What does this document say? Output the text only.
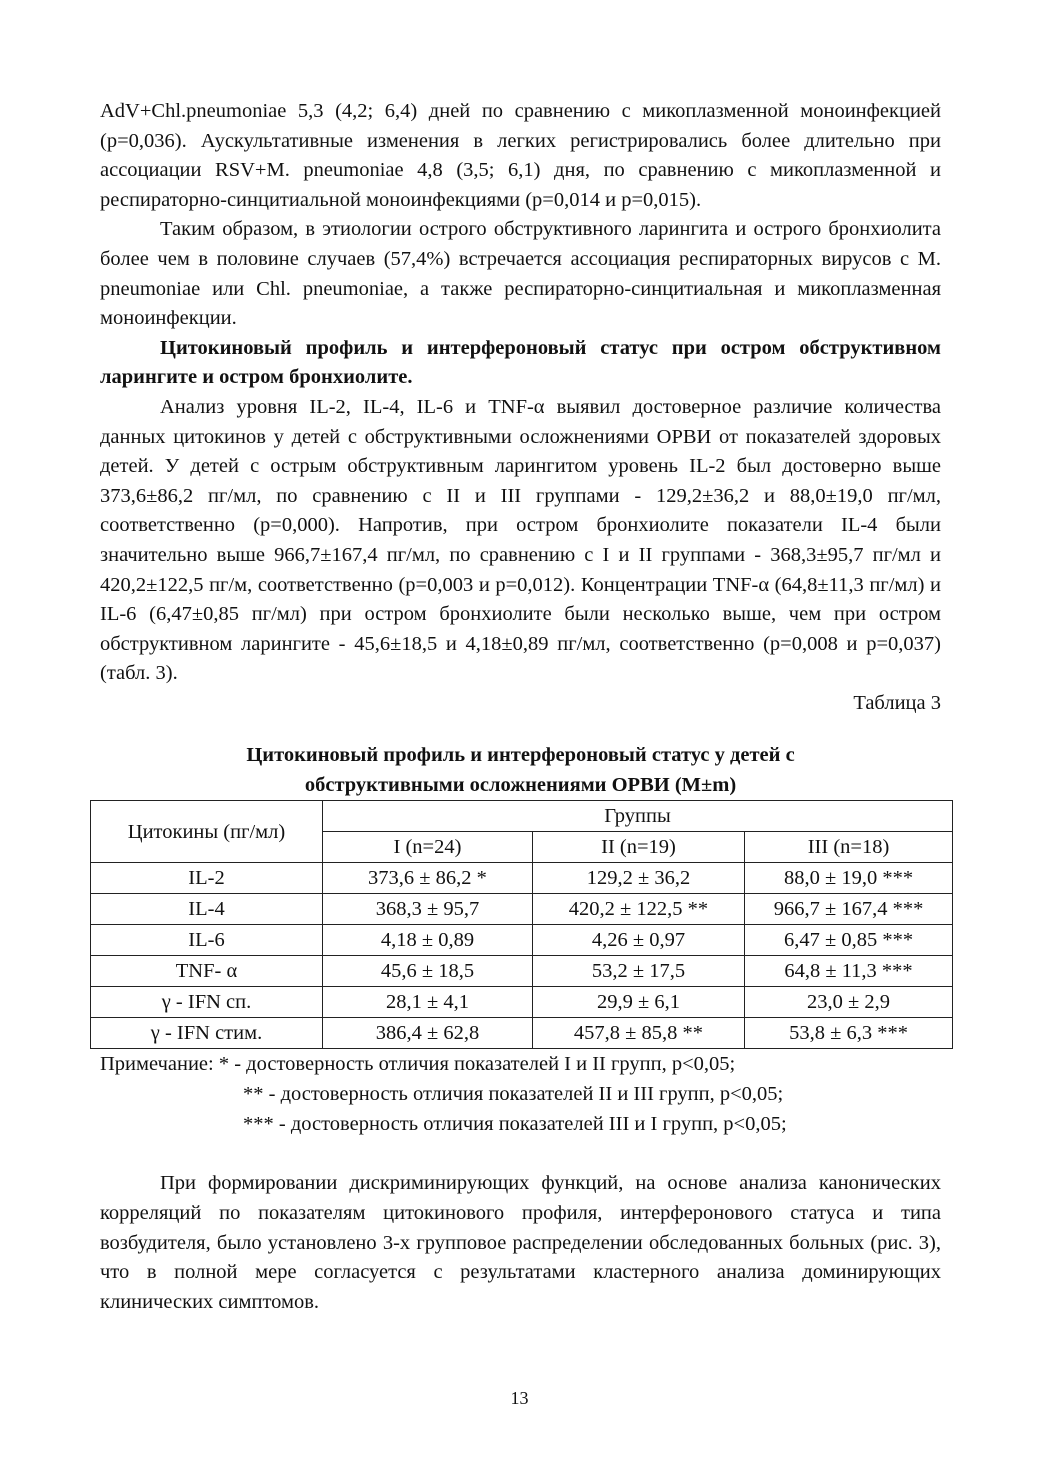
AdV+Chl.pneumoniae 5,3 (4,2; 6,4) дней по сравнению с микоплазменной моноинфекцией (p=0,036). Аускультативные изменения в легких регистрировались более длительно при ассоциации RSV+M. pneumoniae 4,8 (3,5; 6,1) дня, по сравнению с микоплазменной и респираторно-синцитиальной моноинфекциями (p=0,014 и p=0,015).

Таким образом, в этиологии острого обструктивного ларингита и острого бронхиолита более чем в половине случаев (57,4%) встречается ассоциация респираторных вирусов с M. pneumoniae или Chl. pneumoniae, а также респираторно-синцитиальная и микоплазменная моноинфекции.

Цитокиновый профиль и интерфероновый статус при остром обструктивном ларингите и остром бронхиолите.

Анализ уровня IL-2, IL-4, IL-6 и TNF-α выявил достоверное различие количества данных цитокинов у детей с обструктивными осложнениями ОРВИ от показателей здоровых детей. У детей с острым обструктивным ларингитом уровень IL-2 был достоверно выше 373,6±86,2 пг/мл, по сравнению с II и III группами - 129,2±36,2 и 88,0±19,0 пг/мл, соответственно (p=0,000). Напротив, при остром бронхиолите показатели IL-4 были значительно выше 966,7±167,4 пг/мл, по сравнению с I и II группами - 368,3±95,7 пг/мл и 420,2±122,5 пг/м, соответственно (p=0,003 и p=0,012). Концентрации TNF-α (64,8±11,3 пг/мл) и IL-6 (6,47±0,85 пг/мл) при остром бронхиолите были несколько выше, чем при остром обструктивном ларингите - 45,6±18,5 и 4,18±0,89 пг/мл, соответственно (p=0,008 и p=0,037) (табл. 3).

Таблица 3

Цитокиновый профиль и интерфероновый статус у детей с
обструктивными осложнениями ОРВИ (M±m)
Цитокины (пг/мл)	Группы		
	I (n=24)	II (n=19)	III (n=18)
IL-2	373,6 ± 86,2 *	129,2 ± 36,2	88,0 ± 19,0 ***
IL-4	368,3 ± 95,7	420,2 ± 122,5 **	966,7 ± 167,4 ***
IL-6	4,18 ± 0,89	4,26 ± 0,97	6,47 ± 0,85 ***
TNF- α	45,6 ± 18,5	53,2 ± 17,5	64,8 ± 11,3 ***
γ - IFN сп.	28,1 ± 4,1	29,9 ± 6,1	23,0 ± 2,9
γ - IFN стим.	386,4 ± 62,8	457,8 ± 85,8 **	53,8 ± 6,3 ***
Примечание: * - достоверность отличия показателей I и II групп, p<0,05;
** - достоверность отличия показателей II и III групп, p<0,05;
*** - достоверность отличия показателей III и I групп, p<0,05;

При формировании дискриминирующих функций, на основе анализа канонических корреляций по показателям цитокинового профиля, интерферонового статуса и типа возбудителя, было установлено 3-х групповое распределении обследованных больных (рис. 3), что в полной мере согласуется с результатами кластерного анализа доминирующих клинических симптомов.

13
